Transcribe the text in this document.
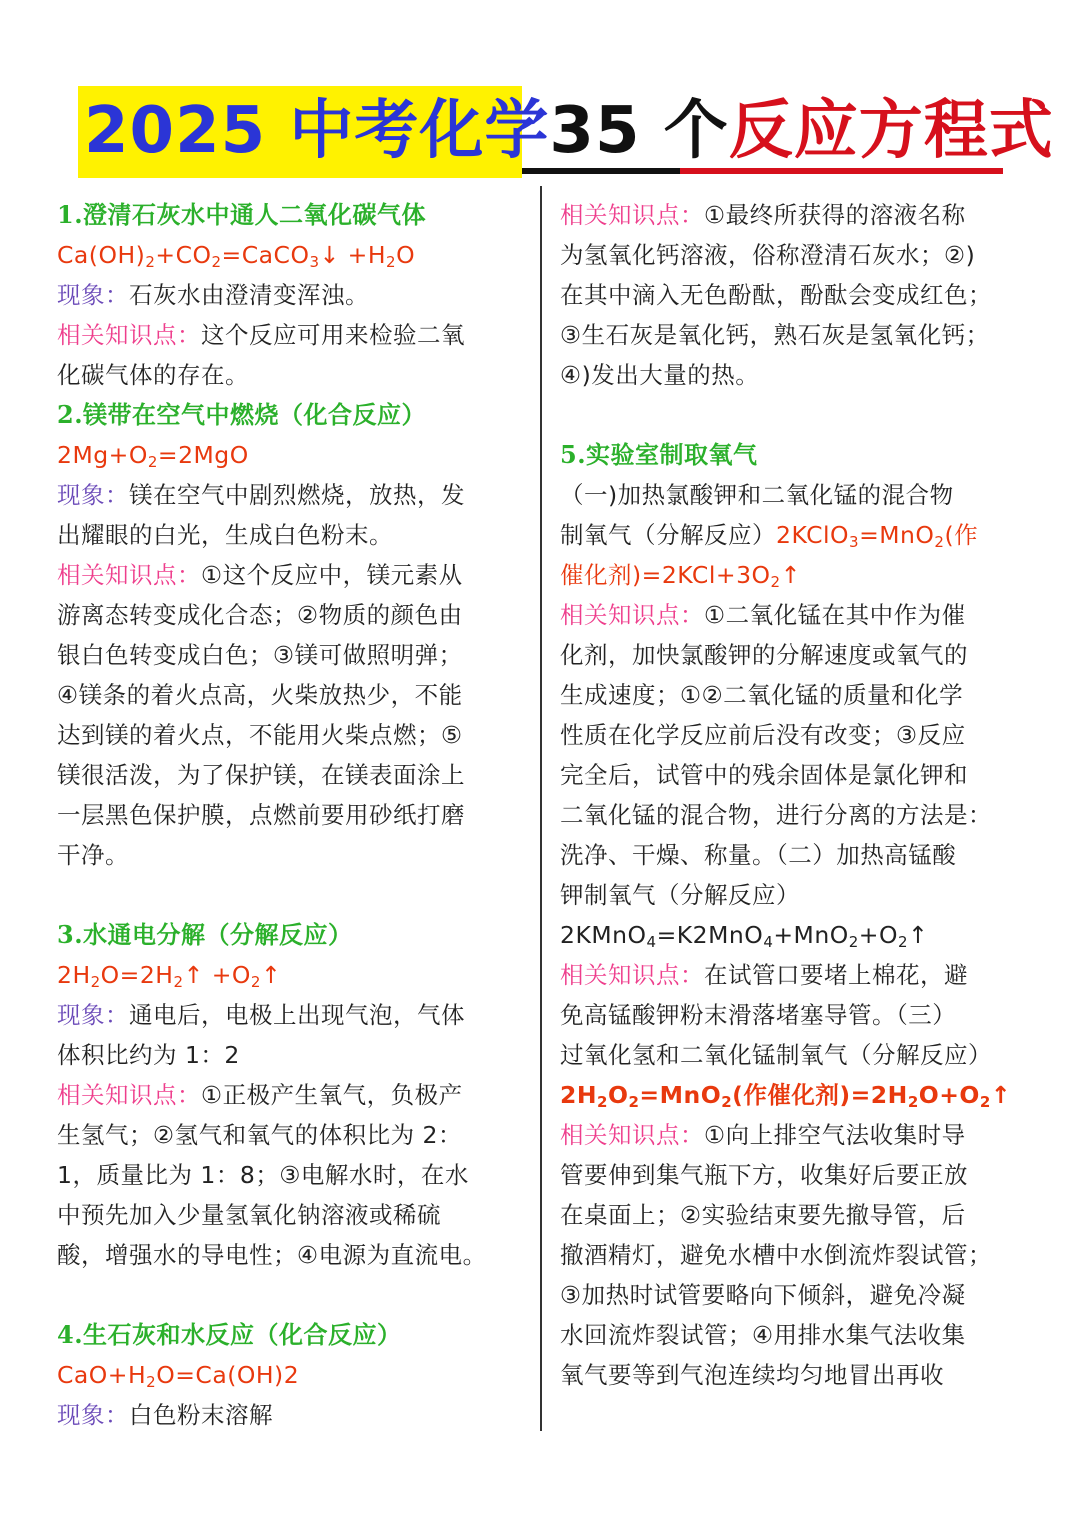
2025 中考化学35 个反应方程式
1.澄清石灰水中通人二氧化碳气体
$Ca(OH)_2+CO_2=CaCO_3↓ +H_2O$
现象：石灰水由澄清变浑浊。
相关知识点：这个反应可用来检验二氧
化碳气体的存在。
2.镁带在空气中燃烧（化合反应）
$2Mg+O_2=2MgO$
现象：镁在空气中剧烈燃烧，放热，发
出耀眼的白光，生成白色粉末。
相关知识点：①这个反应中，镁元素从
游离态转变成化合态；②物质的颜色由
银白色转变成白色；③镁可做照明弹；
④镁条的着火点高，火柴放热少，不能
达到镁的着火点，不能用火柴点燃；⑤
镁很活泼，为了保护镁，在镁表面涂上
一层黑色保护膜，点燃前要用砂纸打磨
干净。
3.水通电分解（分解反应）
$2H_2O=2H_2↑$ $+O_2↑$
现象：通电后，电极上出现气泡，气体
体积比约为 1：2
相关知识点：①正极产生氧气，负极产
生氢气；②氢气和氧气的体积比为 2：
1，质量比为 1：8；③电解水时，在水
中预先加入少量氢氧化钠溶液或稀硫
酸，增强水的导电性；④电源为直流电。
4.生石灰和水反应（化合反应）
$CaO+H_2O=Ca(OH)2$
现象：白色粉末溶解
相关知识点：①最终所获得的溶液名称
为氢氧化钙溶液，俗称澄清石灰水；②)
在其中滴入无色酚酞，酚酞会变成红色；
③生石灰是氧化钙，熟石灰是氢氧化钙；
④)发出大量的热。
5.实验室制取氧气
（一)加热氯酸钾和二氧化锰的混合物
制氧气（分解反应）2KClO$_3$=MnO$_2$(作
催化剂)$=2KCl+3O_2↑$
相关知识点：①二氧化锰在其中作为催
化剂，加快氯酸钾的分解速度或氧气的
生成速度；①②二氧化锰的质量和化学
性质在化学反应前后没有改变；③反应
完全后，试管中的残余固体是氯化钾和
二氧化锰的混合物，进行分离的方法是：
洗净、干燥、称量。（二）加热高锰酸
钾制氧气（分解反应）
$2KMnO_4=K2MnO_4+MnO_2+O_2↑$
相关知识点：在试管口要堵上棉花，避
免高锰酸钾粉末滑落堵塞导管。（三）
过氧化氢和二氧化锰制氧气（分解反应）
$2H_2O_2=MnO_2$(作催化剂)$=2H_2O+O_2↑$
相关知识点：①向上排空气法收集时导
管要伸到集气瓶下方，收集好后要正放
在桌面上；②实验结束要先撤导管，后
撤酒精灯，避免水槽中水倒流炸裂试管；
③加热时试管要略向下倾斜，避免冷凝
水回流炸裂试管；④用排水集气法收集
氧气要等到气泡连续均匀地冒出再收
